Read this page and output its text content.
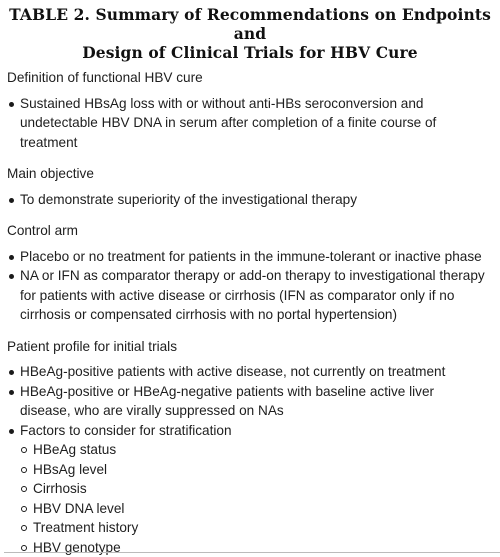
TABLE 2. Summary of Recommendations on Endpoints and
Design of Clinical Trials for HBV Cure
Definition of functional HBV cure
Sustained HBsAg loss with or without anti-HBs seroconversion and undetectable HBV DNA in serum after completion of a finite course of treatment
Main objective
To demonstrate superiority of the investigational therapy
Control arm
Placebo or no treatment for patients in the immune-tolerant or inactive phase
NA or IFN as comparator therapy or add-on therapy to investigational therapy for patients with active disease or cirrhosis (IFN as comparator only if no cirrhosis or compensated cirrhosis with no portal hypertension)
Patient profile for initial trials
HBeAg-positive patients with active disease, not currently on treatment
HBeAg-positive or HBeAg-negative patients with baseline active liver disease, who are virally suppressed on NAs
Factors to consider for stratification
HBeAg status
HBsAg level
Cirrhosis
HBV DNA level
Treatment history
HBV genotype
